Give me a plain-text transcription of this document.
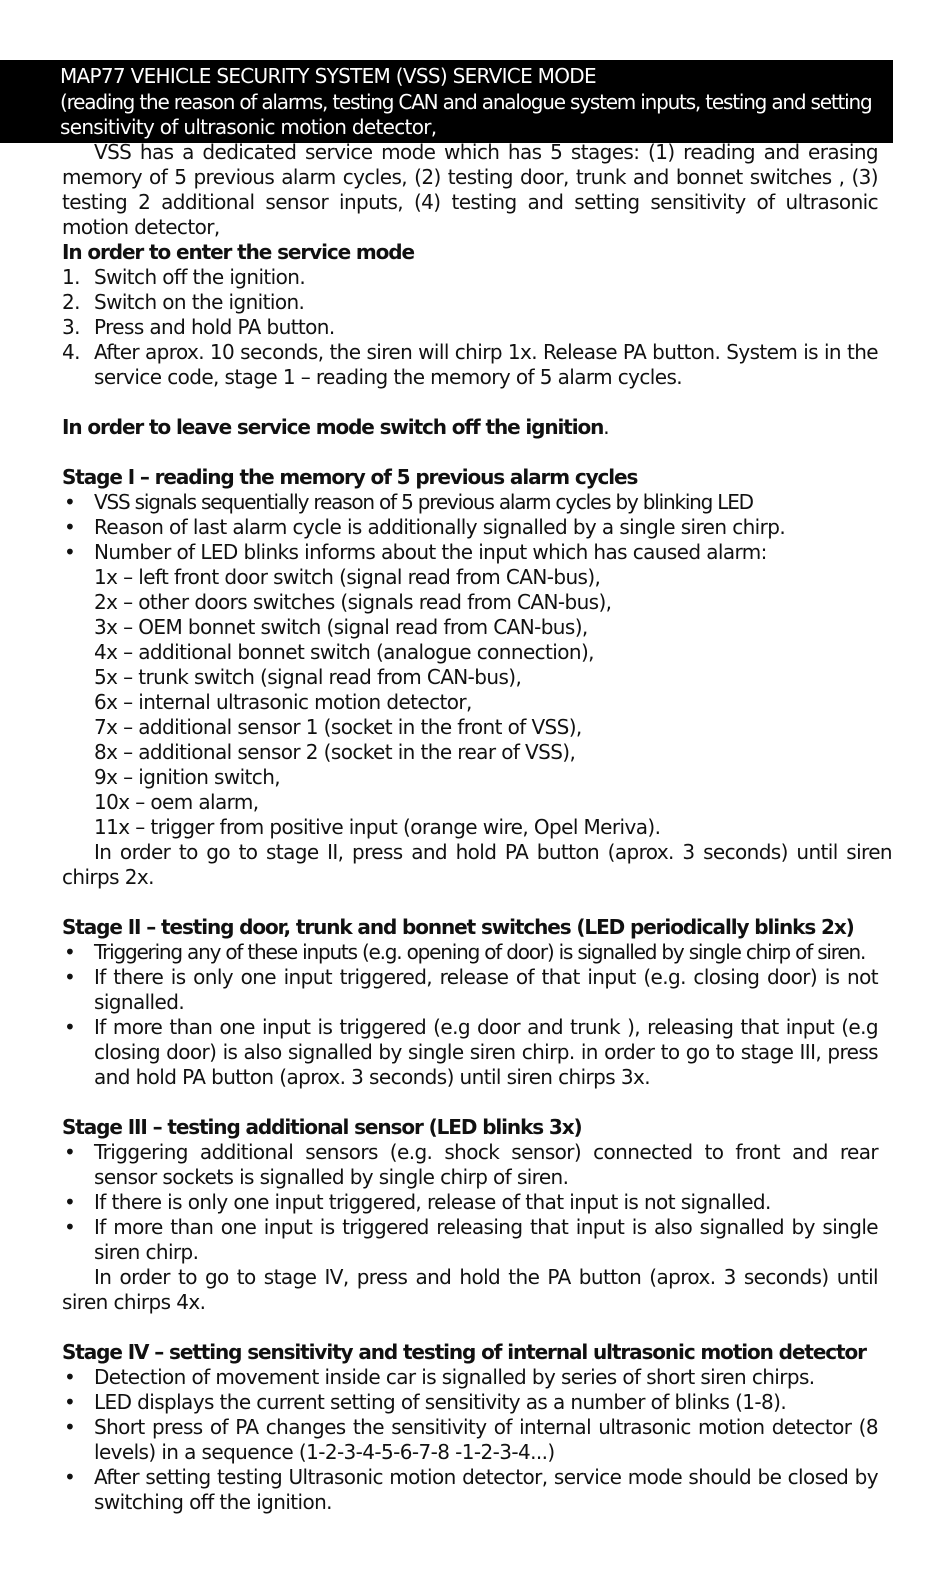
MAP77 VEHICLE SECURITY SYSTEM (VSS) SERVICE MODE
(reading the reason of alarms, testing CAN and analogue system inputs, testing and setting
sensitivity of ultrasonic motion detector,

VSS has a dedicated service mode which has 5 stages: (1) reading and erasing memory of 5 previous alarm cycles, (2) testing door, trunk and bonnet switches , (3) testing 2 additional sensor inputs, (4) testing and setting sensitivity of ultrasonic motion detector,

In order to enter the service mode

1. Switch off the ignition.
2. Switch on the ignition.
3. Press and hold PA button.
4. After aprox. 10 seconds, the siren will chirp 1x. Release PA button. System is in the service code, stage 1 – reading the memory of 5 alarm cycles.

In order to leave service mode switch off the ignition.

Stage I – reading the memory of 5 previous alarm cycles

• VSS signals sequentially reason of 5 previous alarm cycles by blinking LED
• Reason of last alarm cycle is additionally signalled by a single siren chirp.
• Number of LED blinks informs about the input which has caused alarm:
1x – left front door switch (signal read from CAN-bus),
2x – other doors switches (signals read from CAN-bus),
3x – OEM bonnet switch (signal read from CAN-bus),
4x – additional bonnet switch (analogue connection),
5x – trunk switch (signal read from CAN-bus),
6x – internal ultrasonic motion detector,
7x – additional sensor 1 (socket in the front of VSS),
8x – additional sensor 2 (socket in the rear of VSS),
9x – ignition switch,
10x – oem alarm,
11x – trigger from positive input (orange wire, Opel Meriva).

In order to go to stage II, press and hold PA button (aprox. 3 seconds) until siren chirps 2x.

Stage II – testing door, trunk and bonnet switches (LED periodically blinks 2x)

• Triggering any of these inputs (e.g. opening of door) is signalled by single chirp of siren.
• If there is only one input triggered, release of that input (e.g. closing door) is not signalled.
• If more than one input is triggered (e.g door and trunk ), releasing that input (e.g closing door) is also signalled by single siren chirp. in order to go to stage III, press and hold PA button (aprox. 3 seconds) until siren chirps 3x.

Stage III – testing additional sensor (LED blinks 3x)

• Triggering additional sensors (e.g. shock sensor) connected to front and rear sensor sockets is signalled by single chirp of siren.
• If there is only one input triggered, release of that input is not signalled.
• If more than one input is triggered releasing that input is also signalled by single siren chirp.

In order to go to stage IV, press and hold the PA button (aprox. 3 seconds) until siren chirps 4x.

Stage IV – setting sensitivity and testing of internal ultrasonic motion detector

• Detection of movement inside car is signalled by series of short siren chirps.
• LED displays the current setting of sensitivity as a number of blinks (1-8).
• Short press of PA changes the sensitivity of internal ultrasonic motion detector (8 levels) in a sequence (1-2-3-4-5-6-7-8 -1-2-3-4...)
• After setting testing Ultrasonic motion detector, service mode should be closed by switching off the ignition.
